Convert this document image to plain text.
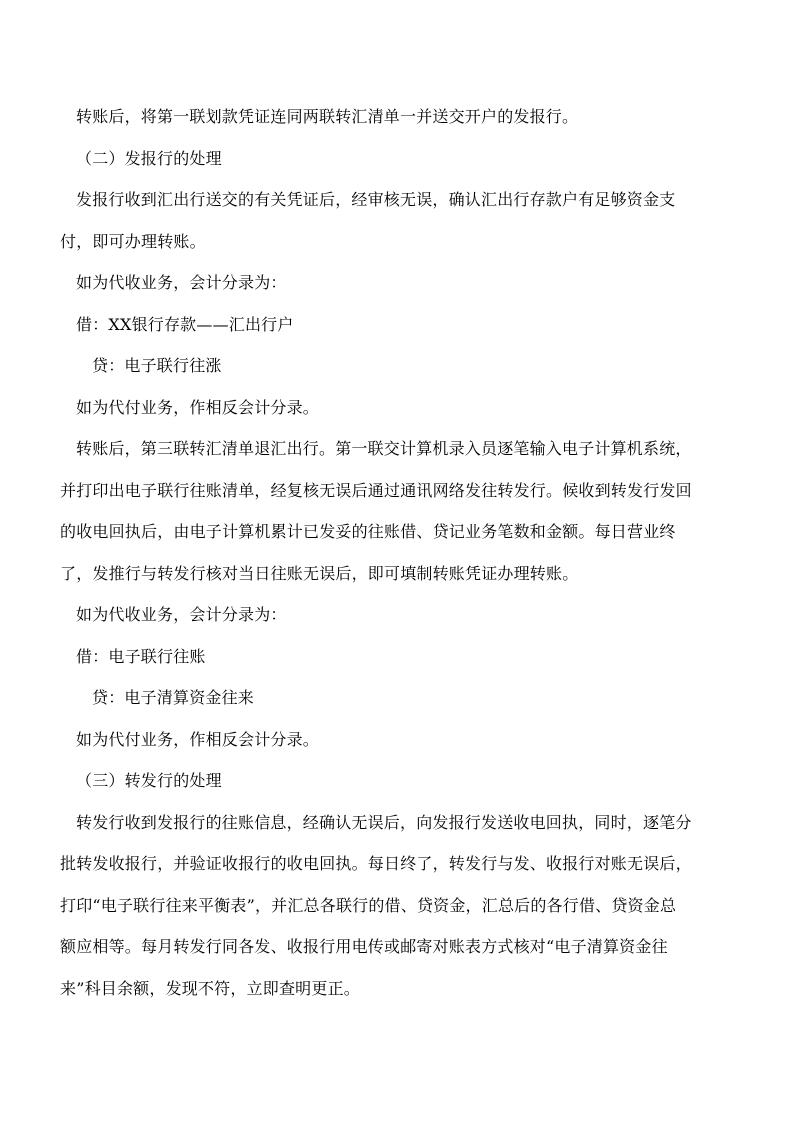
转账后，将第一联划款凭证连同两联转汇清单一并送交开户的发报行。
（二）发报行的处理
发报行收到汇出行送交的有关凭证后，经审核无误，确认汇出行存款户有足够资金支
付，即可办理转账。
如为代收业务，会计分录为：
借：XX银行存款——汇出行户
贷：电子联行往涨
如为代付业务，作相反会计分录。
转账后，第三联转汇清单退汇出行。第一联交计算机录入员逐笔输入电子计算机系统，
并打印出电子联行往账清单，经复核无误后通过通讯网络发往转发行。候收到转发行发回
的收电回执后，由电子计算机累计已发妥的往账借、贷记业务笔数和金额。每日营业终
了，发推行与转发行核对当日往账无误后，即可填制转账凭证办理转账。
如为代收业务，会计分录为：
借：电子联行往账
贷：电子清算资金往来
如为代付业务，作相反会计分录。
（三）转发行的处理
转发行收到发报行的往账信息，经确认无误后，向发报行发送收电回执，同时，逐笔分
批转发收报行，并验证收报行的收电回执。每日终了，转发行与发、收报行对账无误后，
打印“电子联行往来平衡表”，并汇总各联行的借、贷资金，汇总后的各行借、贷资金总
额应相等。每月转发行同各发、收报行用电传或邮寄对账表方式核对“电子清算资金往
来”科目余额，发现不符，立即查明更正。
